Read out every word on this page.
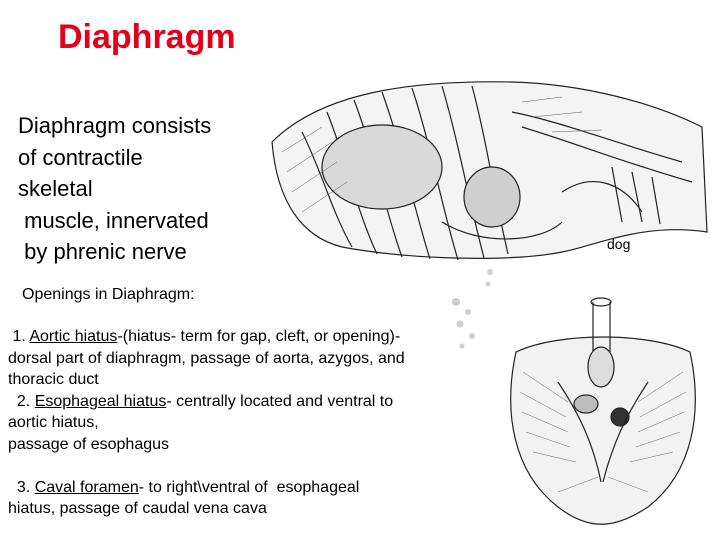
Diaphragm
Diaphragm consists
of contractile
skeletal
muscle, innervated
by phrenic nerve	dog
Openings in Diaphragm:
1. Aortic hiatus-(hiatus- term for gap, cleft, or opening)-
dorsal part of diaphragm, passage of aorta, azygos, and
thoracic duct
2. Esophageal hiatus- centrally located and ventral to
aortic hiatus,
passage of esophagus
3. Caval foramen- to right\ventral of  esophageal
hiatus, passage of caudal vena cava
